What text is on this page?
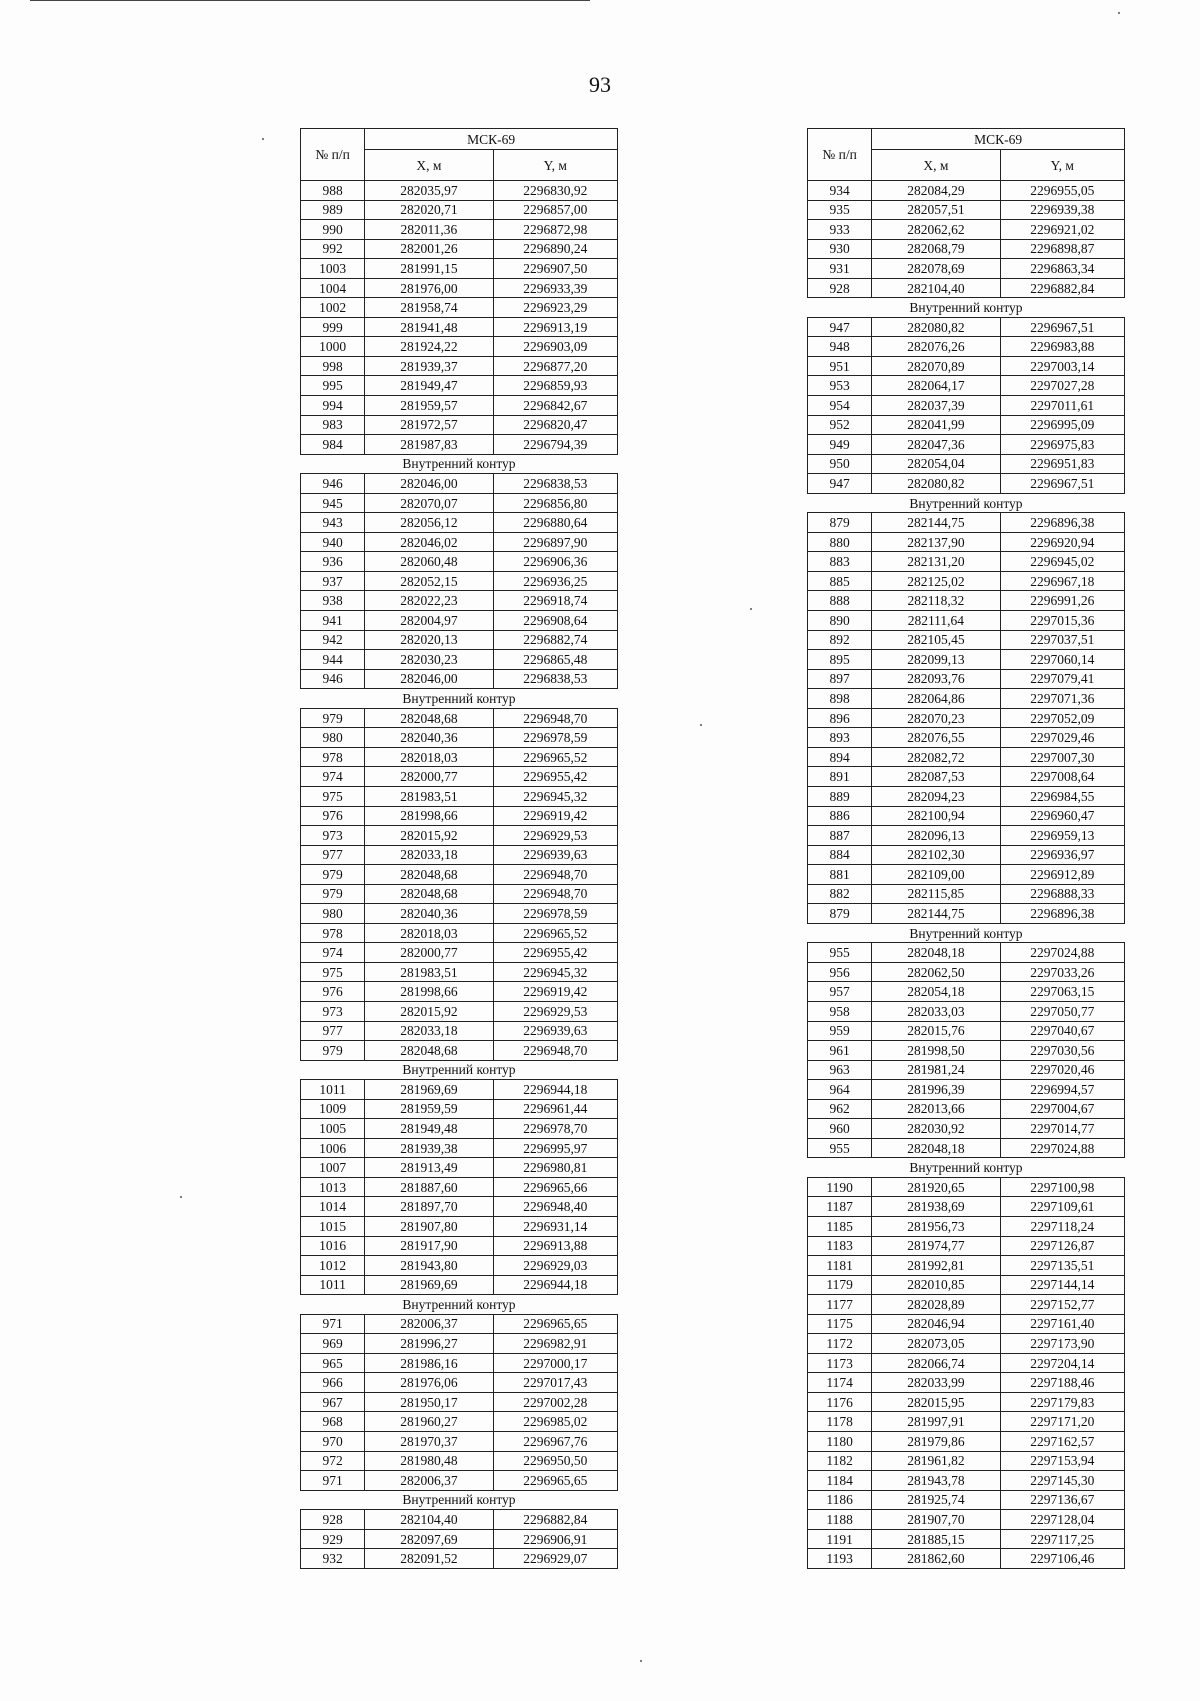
93
№ п/п	МСК-69	
	X, м	Y, м
988	282035,97	2296830,92
989	282020,71	2296857,00
990	282011,36	2296872,98
992	282001,26	2296890,24
1003	281991,15	2296907,50
1004	281976,00	2296933,39
1002	281958,74	2296923,29
999	281941,48	2296913,19
1000	281924,22	2296903,09
998	281939,37	2296877,20
995	281949,47	2296859,93
994	281959,57	2296842,67
983	281972,57	2296820,47
984	281987,83	2296794,39
Внутренний контур		
946	282046,00	2296838,53
945	282070,07	2296856,80
943	282056,12	2296880,64
940	282046,02	2296897,90
936	282060,48	2296906,36
937	282052,15	2296936,25
938	282022,23	2296918,74
941	282004,97	2296908,64
942	282020,13	2296882,74
944	282030,23	2296865,48
946	282046,00	2296838,53
Внутренний контур		
979	282048,68	2296948,70
980	282040,36	2296978,59
978	282018,03	2296965,52
974	282000,77	2296955,42
975	281983,51	2296945,32
976	281998,66	2296919,42
973	282015,92	2296929,53
977	282033,18	2296939,63
979	282048,68	2296948,70
979	282048,68	2296948,70
980	282040,36	2296978,59
978	282018,03	2296965,52
974	282000,77	2296955,42
975	281983,51	2296945,32
976	281998,66	2296919,42
973	282015,92	2296929,53
977	282033,18	2296939,63
979	282048,68	2296948,70
Внутренний контур		
1011	281969,69	2296944,18
1009	281959,59	2296961,44
1005	281949,48	2296978,70
1006	281939,38	2296995,97
1007	281913,49	2296980,81
1013	281887,60	2296965,66
1014	281897,70	2296948,40
1015	281907,80	2296931,14
1016	281917,90	2296913,88
1012	281943,80	2296929,03
1011	281969,69	2296944,18
Внутренний контур		
971	282006,37	2296965,65
969	281996,27	2296982,91
965	281986,16	2297000,17
966	281976,06	2297017,43
967	281950,17	2297002,28
968	281960,27	2296985,02
970	281970,37	2296967,76
972	281980,48	2296950,50
971	282006,37	2296965,65
Внутренний контур		
928	282104,40	2296882,84
929	282097,69	2296906,91
932	282091,52	2296929,07
№ п/п	МСК-69	
	X, м	Y, м
934	282084,29	2296955,05
935	282057,51	2296939,38
933	282062,62	2296921,02
930	282068,79	2296898,87
931	282078,69	2296863,34
928	282104,40	2296882,84
Внутренний контур		
947	282080,82	2296967,51
948	282076,26	2296983,88
951	282070,89	2297003,14
953	282064,17	2297027,28
954	282037,39	2297011,61
952	282041,99	2296995,09
949	282047,36	2296975,83
950	282054,04	2296951,83
947	282080,82	2296967,51
Внутренний контур		
879	282144,75	2296896,38
880	282137,90	2296920,94
883	282131,20	2296945,02
885	282125,02	2296967,18
888	282118,32	2296991,26
890	282111,64	2297015,36
892	282105,45	2297037,51
895	282099,13	2297060,14
897	282093,76	2297079,41
898	282064,86	2297071,36
896	282070,23	2297052,09
893	282076,55	2297029,46
894	282082,72	2297007,30
891	282087,53	2297008,64
889	282094,23	2296984,55
886	282100,94	2296960,47
887	282096,13	2296959,13
884	282102,30	2296936,97
881	282109,00	2296912,89
882	282115,85	2296888,33
879	282144,75	2296896,38
Внутренний контур		
955	282048,18	2297024,88
956	282062,50	2297033,26
957	282054,18	2297063,15
958	282033,03	2297050,77
959	282015,76	2297040,67
961	281998,50	2297030,56
963	281981,24	2297020,46
964	281996,39	2296994,57
962	282013,66	2297004,67
960	282030,92	2297014,77
955	282048,18	2297024,88
Внутренний контур		
1190	281920,65	2297100,98
1187	281938,69	2297109,61
1185	281956,73	2297118,24
1183	281974,77	2297126,87
1181	281992,81	2297135,51
1179	282010,85	2297144,14
1177	282028,89	2297152,77
1175	282046,94	2297161,40
1172	282073,05	2297173,90
1173	282066,74	2297204,14
1174	282033,99	2297188,46
1176	282015,95	2297179,83
1178	281997,91	2297171,20
1180	281979,86	2297162,57
1182	281961,82	2297153,94
1184	281943,78	2297145,30
1186	281925,74	2297136,67
1188	281907,70	2297128,04
1191	281885,15	2297117,25
1193	281862,60	2297106,46
